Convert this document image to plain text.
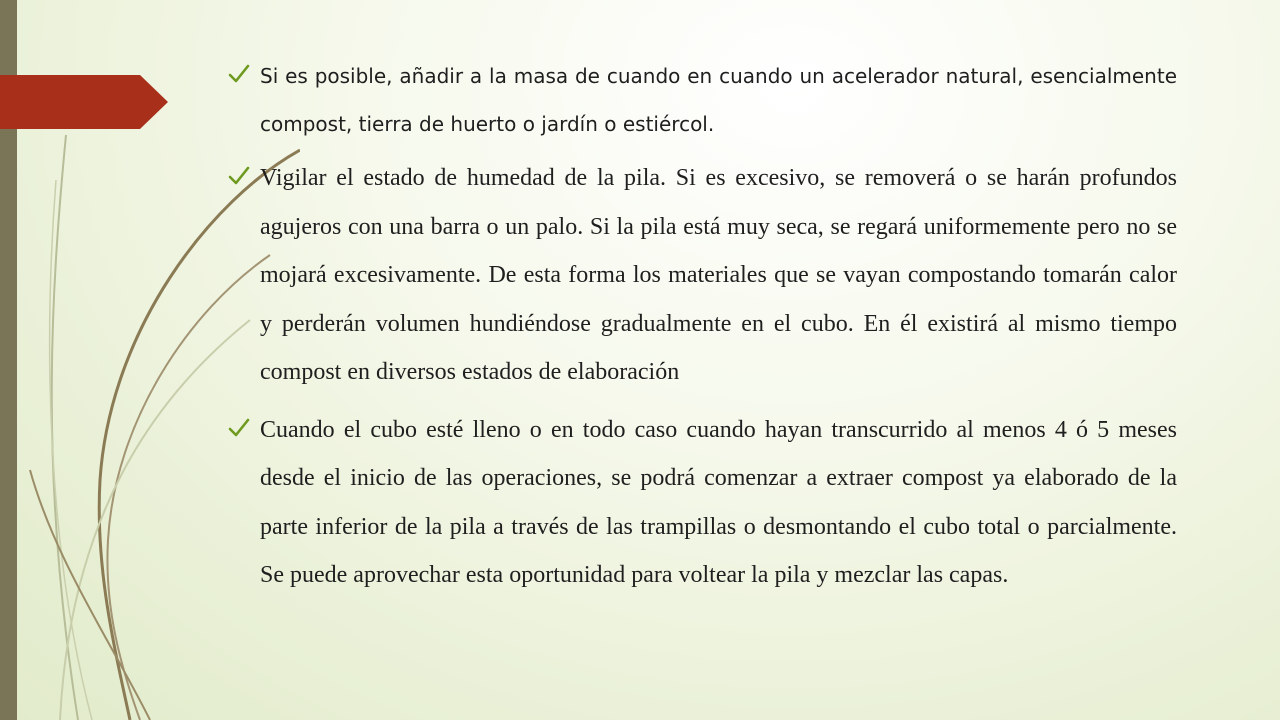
Si es posible, añadir a la masa de cuando en cuando un acelerador natural, esencialmente compost, tierra de huerto o jardín o estiércol.
Vigilar el estado de humedad de la pila. Si es excesivo, se removerá o se harán profundos agujeros con una barra o un palo. Si la pila está muy seca, se regará uniformemente pero no se mojará excesivamente. De esta forma los materiales que se vayan compostando tomarán calor y perderán volumen hundiéndose gradualmente en el cubo. En él existirá al mismo tiempo compost en diversos estados de elaboración
Cuando el cubo esté lleno o en todo caso cuando hayan transcurrido al menos 4 ó 5 meses desde el inicio de las operaciones, se podrá comenzar a extraer compost ya elaborado de la parte inferior de la pila a través de las trampillas o desmontando el cubo total o parcialmente. Se puede aprovechar esta oportunidad para voltear la pila y mezclar las capas.
